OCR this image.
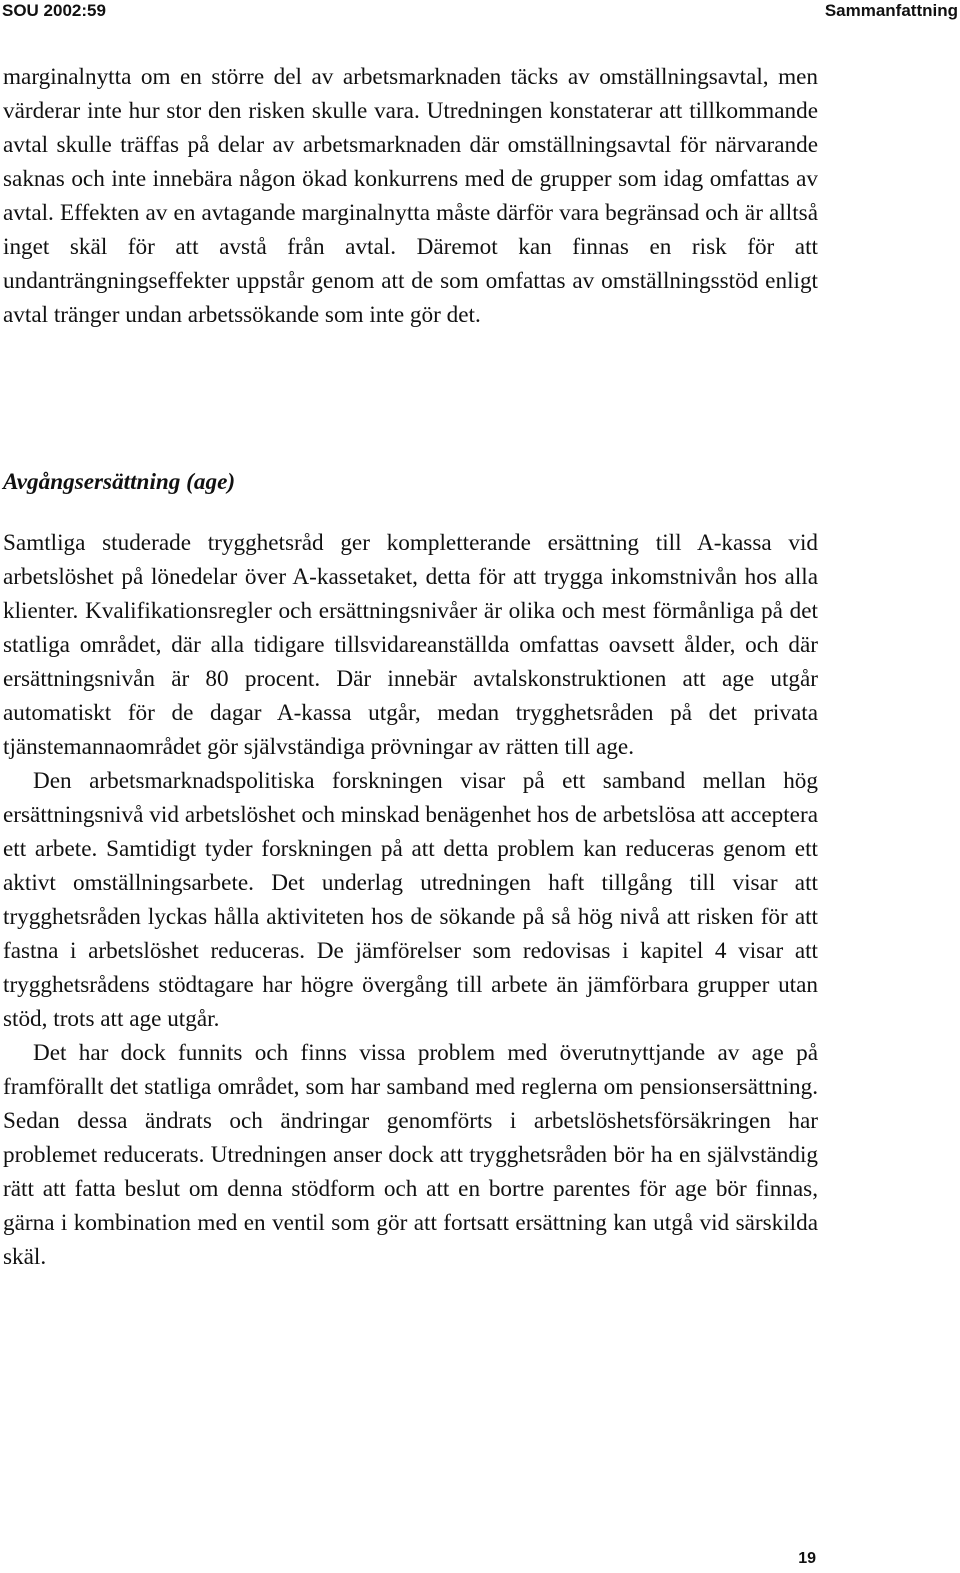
SOU 2002:59	Sammanfattning

marginalnytta om en större del av arbetsmarknaden täcks av omställningsavtal, men värderar inte hur stor den risken skulle vara. Utredningen konstaterar att tillkommande avtal skulle träffas på delar av arbetsmarknaden där omställningsavtal för närvarande saknas och inte innebära någon ökad konkurrens med de grupper som idag omfattas av avtal. Effekten av en avtagande marginalnytta måste därför vara begränsad och är alltså inget skäl för att avstå från avtal. Däremot kan finnas en risk för att undanträngningseffekter uppstår genom att de som omfattas av omställningsstöd enligt avtal tränger undan arbetssökande som inte gör det.

Avgångsersättning (age)

Samtliga studerade trygghetsråd ger kompletterande ersättning till A-kassa vid arbetslöshet på lönedelar över A-kassetaket, detta för att trygga inkomstnivån hos alla klienter. Kvalifikationsregler och ersättningsnivåer är olika och mest förmånliga på det statliga området, där alla tidigare tillsvidareanställda omfattas oavsett ålder, och där ersättningsnivån är 80 procent. Där innebär avtalskonstruktionen att age utgår automatiskt för de dagar A-kassa utgår, medan trygghetsråden på det privata tjänstemannaområdet gör självständiga prövningar av rätten till age.

Den arbetsmarknadspolitiska forskningen visar på ett samband mellan hög ersättningsnivå vid arbetslöshet och minskad benägenhet hos de arbetslösa att acceptera ett arbete. Samtidigt tyder forskningen på att detta problem kan reduceras genom ett aktivt omställningsarbete. Det underlag utredningen haft tillgång till visar att trygghetsråden lyckas hålla aktiviteten hos de sökande på så hög nivå att risken för att fastna i arbetslöshet reduceras. De jämförelser som redovisas i kapitel 4 visar att trygghetsrådens stödtagare har högre övergång till arbete än jämförbara grupper utan stöd, trots att age utgår.

Det har dock funnits och finns vissa problem med överutnyttjande av age på framförallt det statliga området, som har samband med reglerna om pensionsersättning. Sedan dessa ändrats och ändringar genomförts i arbetslöshetsförsäkringen har problemet reducerats. Utredningen anser dock att trygghetsråden bör ha en självständig rätt att fatta beslut om denna stödform och att en bortre parentes för age bör finnas, gärna i kombination med en ventil som gör att fortsatt ersättning kan utgå vid särskilda skäl.

19
